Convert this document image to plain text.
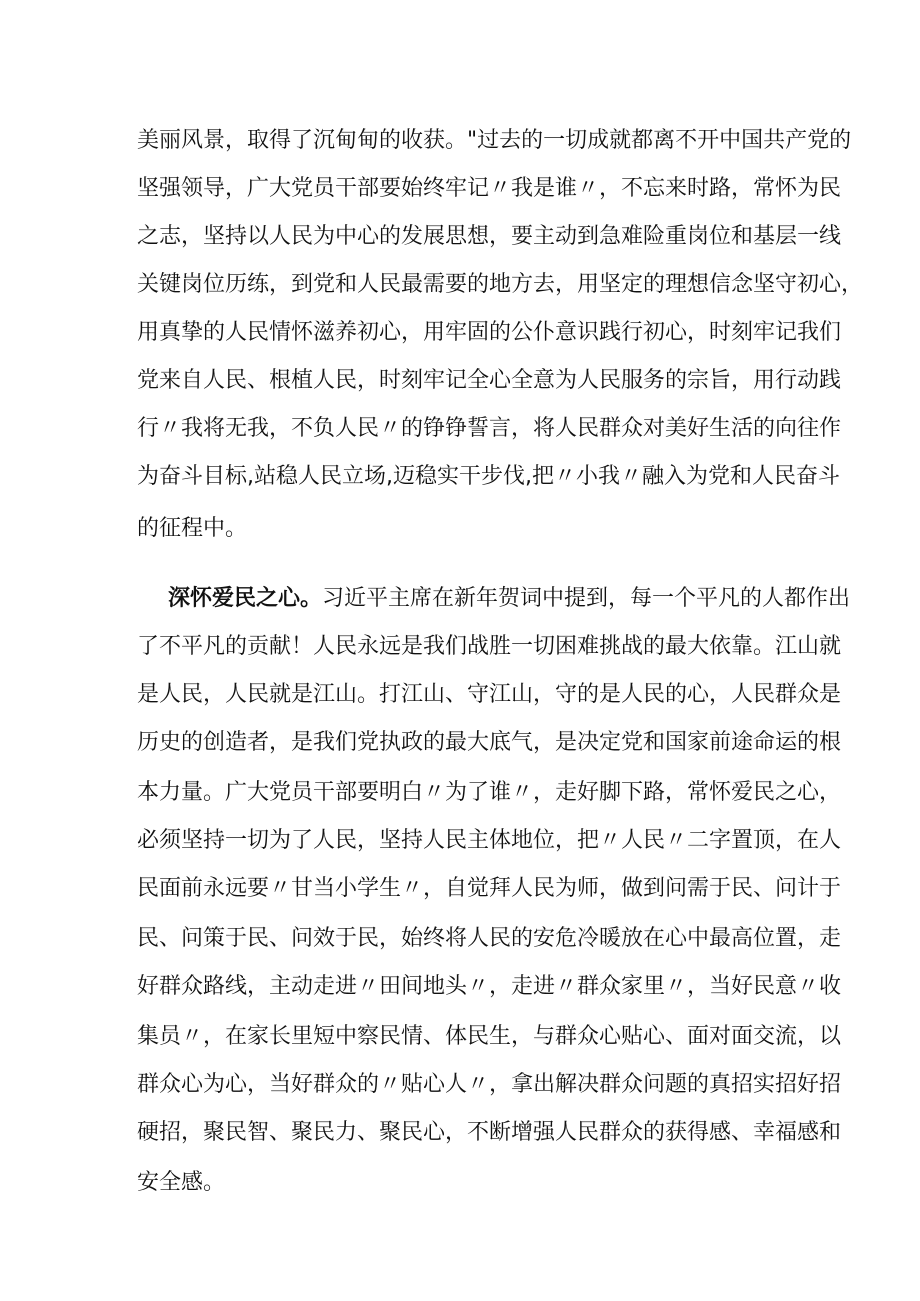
美丽风景，取得了沉甸甸的收获。"过去的一切成就都离不开中国共产党的
坚强领导，广大党员干部要始终牢记〃我是谁〃，不忘来时路，常怀为民
之志，坚持以人民为中心的发展思想，要主动到急难险重岗位和基层一线
关键岗位历练，到党和人民最需要的地方去，用坚定的理想信念坚守初心，
用真挚的人民情怀滋养初心，用牢固的公仆意识践行初心，时刻牢记我们
党来自人民、根植人民，时刻牢记全心全意为人民服务的宗旨，用行动践
行〃我将无我，不负人民〃的铮铮誓言，将人民群众对美好生活的向往作
为奋斗目标,站稳人民立场,迈稳实干步伐,把〃小我〃融入为党和人民奋斗
的征程中。
深怀爱民之心。习近平主席在新年贺词中提到，每一个平凡的人都作出
了不平凡的贡献！人民永远是我们战胜一切困难挑战的最大依靠。江山就
是人民，人民就是江山。打江山、守江山，守的是人民的心，人民群众是
历史的创造者，是我们党执政的最大底气，是决定党和国家前途命运的根
本力量。广大党员干部要明白〃为了谁〃，走好脚下路，常怀爱民之心，
必须坚持一切为了人民，坚持人民主体地位，把〃人民〃二字置顶，在人
民面前永远要〃甘当小学生〃，自觉拜人民为师，做到问需于民、问计于
民、问策于民、问效于民，始终将人民的安危冷暖放在心中最高位置，走
好群众路线，主动走进〃田间地头〃，走进〃群众家里〃，当好民意〃收
集员〃，在家长里短中察民情、体民生，与群众心贴心、面对面交流，以
群众心为心，当好群众的〃贴心人〃，拿出解决群众问题的真招实招好招
硬招，聚民智、聚民力、聚民心，不断增强人民群众的获得感、幸福感和
安全感。
